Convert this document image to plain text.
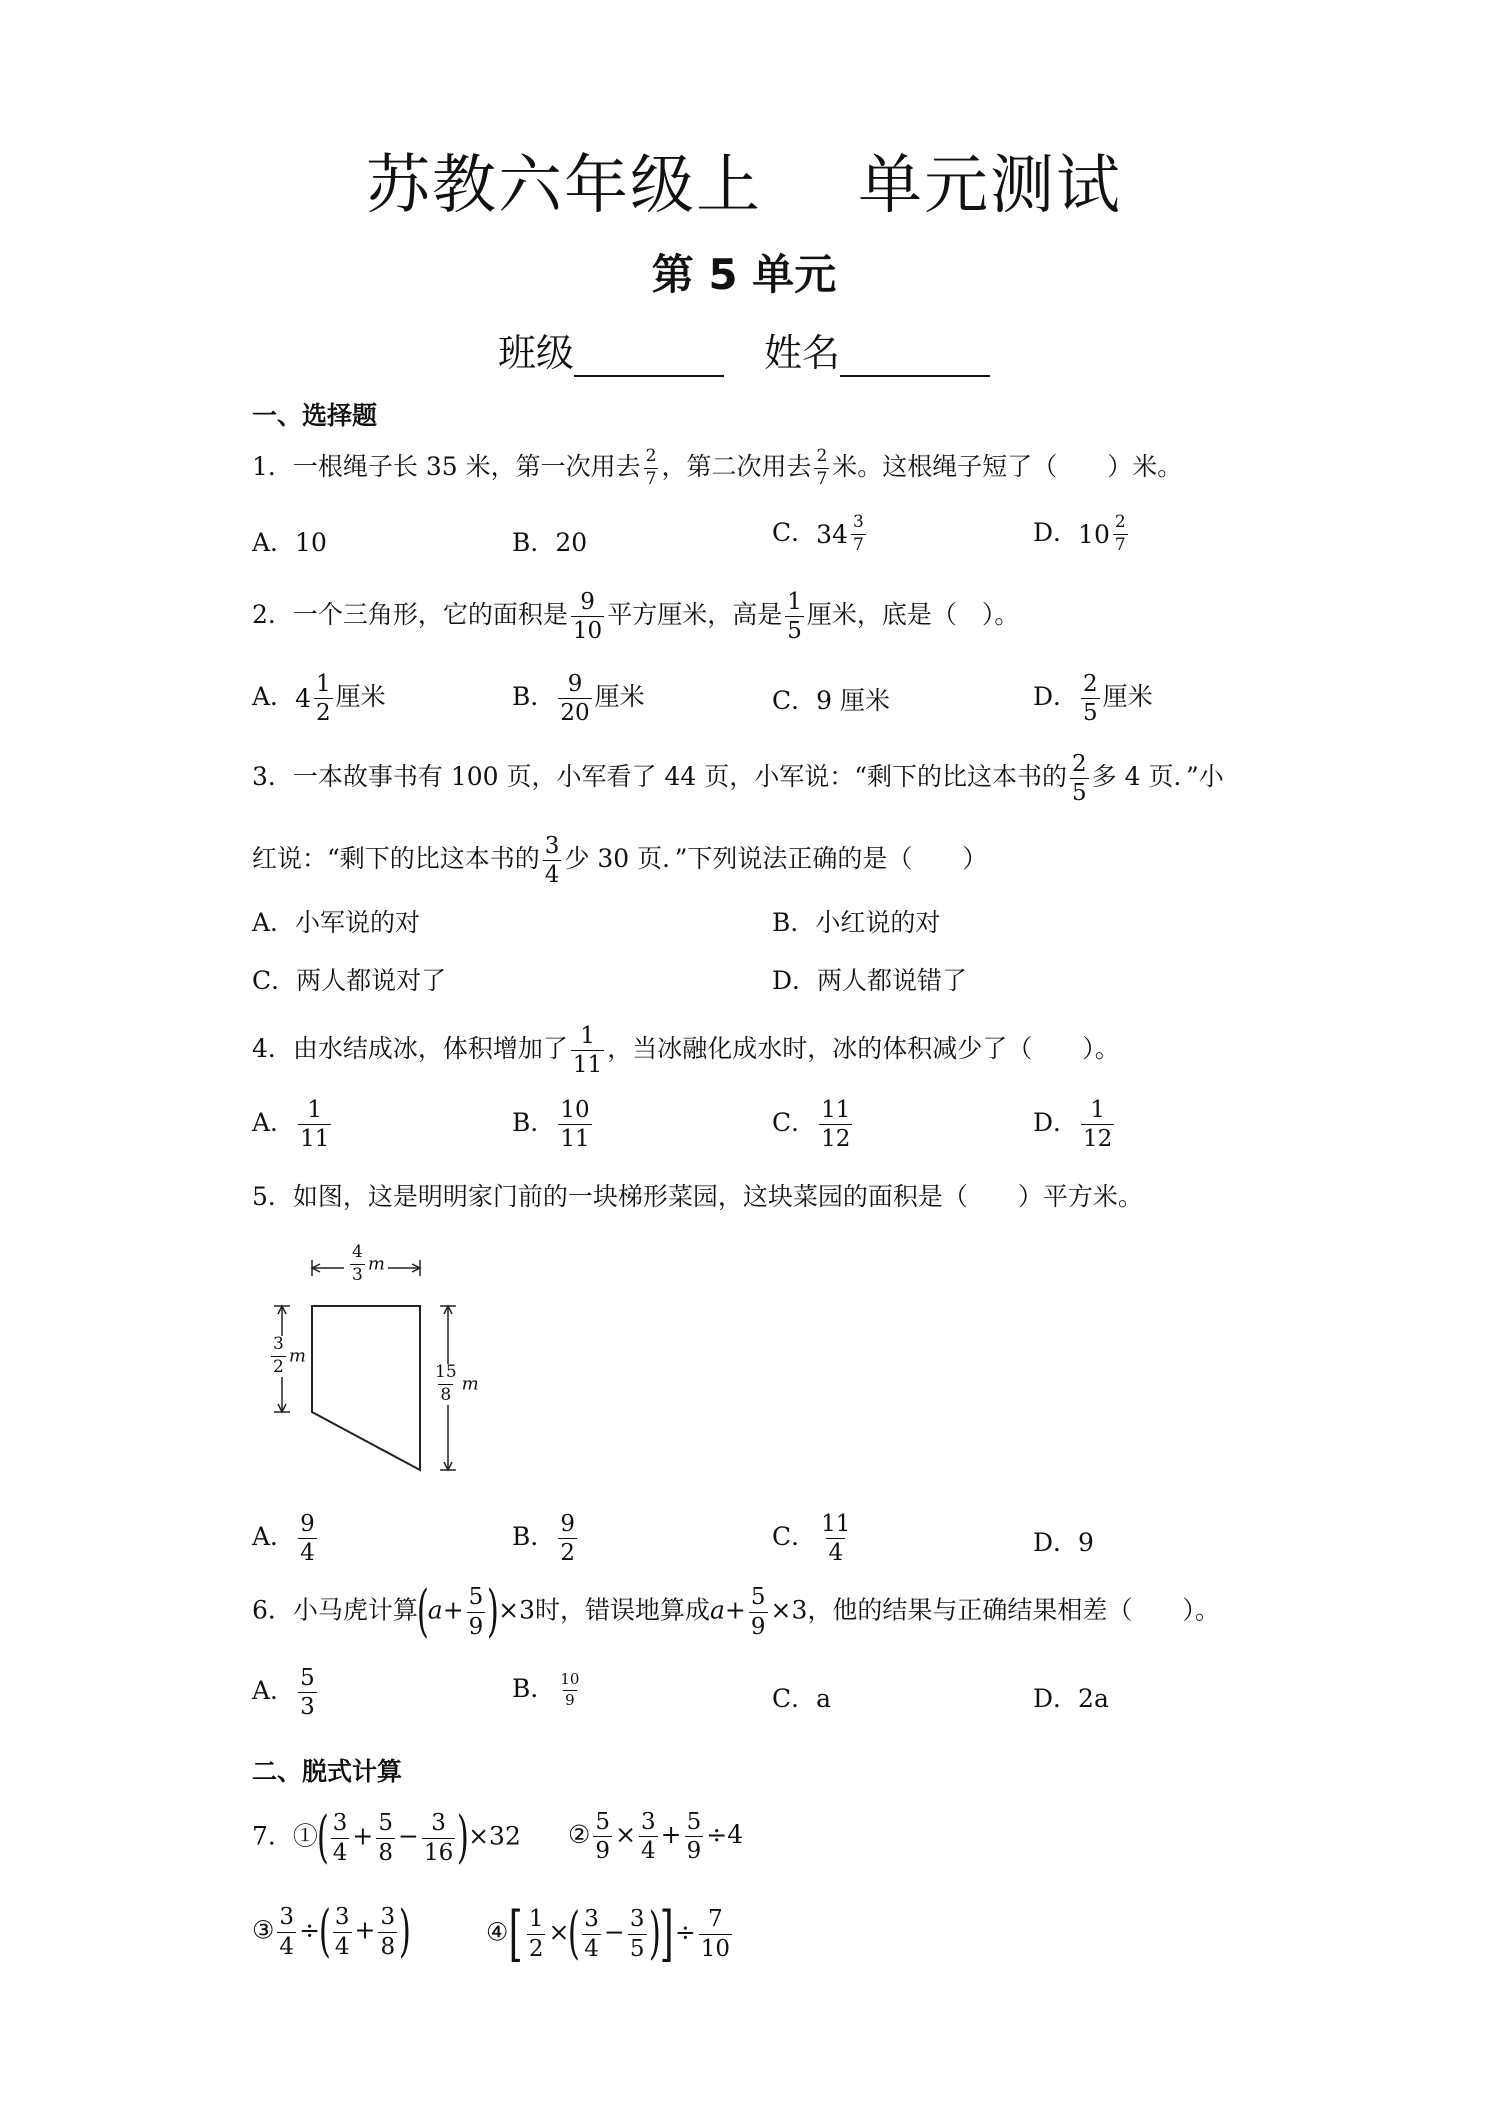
苏教六年级上 单元测试
第 5 单元
班级	姓名
一、选择题
1．一根绳子长 35 米，第一次用去 $\frac{2}{7}$ ，第二次用去 $\frac{2}{7}$ 米。这根绳子短了（　　）米。
A．10	B．20	C． $34 \frac{3}{7}$	D． $10 \frac{2}{7}$
2．一个三角形，它的面积是 $\frac{9}{10}$ 平方厘米，高是 $\frac{1}{5}$ 厘米，底是（　）。
A． $4 \frac{1}{2}$ 厘米	B． $\frac{9}{20}$ 厘米	C．9 厘米	D． $\frac{2}{5}$ 厘米
3．一本故事书有 100 页，小军看了 44 页，小军说：“剩下的比这本书的 $\frac{2}{5}$ 多 4 页．”小
红说：“剩下的比这本书的 $\frac{3}{4}$ 少 30 页．”下列说法正确的是（　　）
A．小军说的对	B．小红说的对
C．两人都说对了	D．两人都说错了
4．由水结成冰，体积增加了 $\frac{1}{11}$ ，当冰融化成水时，冰的体积减少了（　　）。
A． $\frac{1}{11}$	B． $\frac{10}{11}$	C． $\frac{11}{12}$	D． $\frac{1}{12}$
5．如图，这是明明家门前的一块梯形菜园，这块菜园的面积是（　　）平方米。
$\frac{4}{3}$ m
$\frac{3}{2}$ m
$\frac{15}{8}$ m
A． $\frac{9}{4}$	B． $\frac{9}{2}$	C． $\frac{11}{4}$	D．9
6．小马虎计算$(a+ \frac{5}{9} )\times 3$时，错误地算成$a+ \frac{5}{9} \times 3$，他的结果与正确结果相差（　　）。
A． $\frac{5}{3}$	B． $\frac{10}{9}$	C．a	D．2a
二、脱式计算
7．①( $\frac{3}{4} + \frac{5}{8} - \frac{3}{16} )\times 32$ ② $\frac{5}{9} \times \frac{3}{4} + \frac{5}{9} \div 4$
③ $\frac{3}{4}$ ÷( $\frac{3}{4} + \frac{3}{8}$ )	④[ $\frac{1}{2}$ ×( $\frac{3}{4} - \frac{3}{5}$ )]÷ $\frac{7}{10}$
